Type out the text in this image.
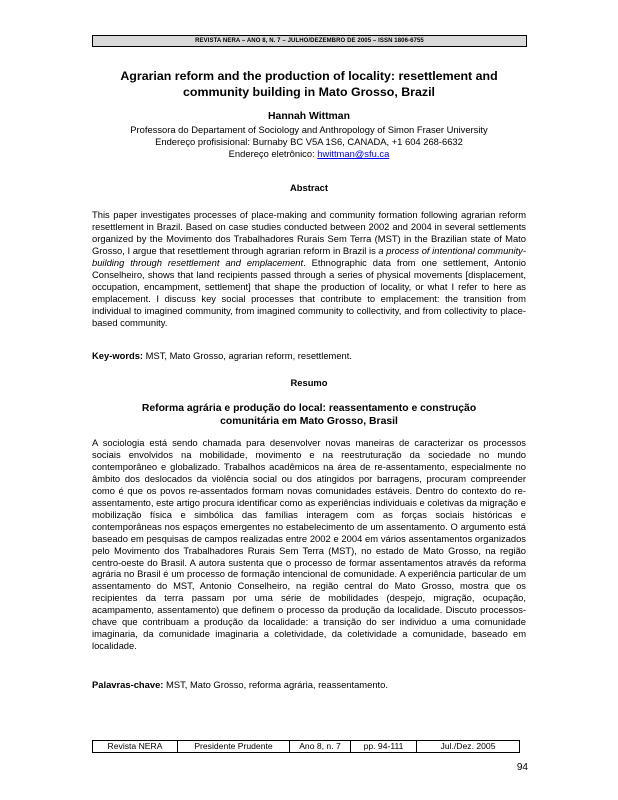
REVISTA NERA – ANO 8, N. 7 – JULHO/DEZEMBRO DE 2005 – ISSN 1806-6755
Agrarian reform and the production of locality: resettlement and
community building in Mato Grosso, Brazil
Hannah Wittman
Professora do Departament of Sociology and Anthropology of Simon Fraser University
Endereço profisisional: Burnaby BC V5A 1S6, CANADA, +1 604 268-6632
Endereço eletrônico: hwittman@sfu.ca
Abstract

This paper investigates processes of place-making and community formation following agrarian reform resettlement in Brazil. Based on case studies conducted between 2002 and 2004 in several settlements organized by the Movimento dos Trabalhadores Rurais Sem Terra (MST) in the Brazilian state of Mato Grosso, I argue that resettlement through agrarian reform in Brazil is a process of intentional community-building through resettlement and emplacement. Ethnographic data from one settlement, Antonio Conselheiro, shows that land recipients passed through a series of physical movements [displacement, occupation, encampment, settlement] that shape the production of locality, or what I refer to here as emplacement. I discuss key social processes that contribute to emplacement: the transition from individual to imagined community, from imagined community to collectivity, and from collectivity to place-based community.

Key-words: MST, Mato Grosso, agrarian reform, resettlement.
Resumo
Reforma agrária e produção do local: reassentamento e construção
comunitária em Mato Grosso, Brasil

A sociologia está sendo chamada para desenvolver novas maneiras de caracterizar os processos sociais envolvidos na mobilidade, movimento e na reestruturação da sociedade no mundo contemporâneo e globalizado. Trabalhos acadêmicos na área de re-assentamento, especialmente no âmbito dos deslocados da violência social ou dos atingidos por barragens, procuram compreender como é que os povos re-assentados formam novas comunidades estáveis. Dentro do contexto do re-assentamento, este artigo procura identificar como as experiências individuais e coletivas da migração e mobilização física e simbólica das famílias interagem com as forças sociais históricas e contemporâneas nos espaços emergentes no estabelecimento de um assentamento. O argumento está baseado em pesquisas de campos realizadas entre 2002 e 2004 em vários assentamentos organizados pelo Movimento dos Trabalhadores Rurais Sem Terra (MST), no estado de Mato Grosso, na região centro-oeste do Brasil. A autora sustenta que o processo de formar assentamentos através da reforma agrária no Brasil é um processo de formação intencional de comunidade. A experiência particular de um assentamento do MST, Antonio Conselheiro, na região central do Mato Grosso, mostra que os recipientes da terra passam por uma série de mobilidades (despejo, migração, ocupação, acampamento, assentamento) que definem o processo da produção da localidade. Discuto processos-chave que contribuam a produção da localidade: a transição do ser individuo a uma comunidade imaginaria, da comunidade imaginaria a coletividade, da coletividade a comunidade, baseado em localidade.

Palavras-chave: MST, Mato Grosso, reforma agrária, reassentamento.
Revista NERA	Presidente Prudente	Ano 8, n. 7	pp. 94-111	Jul./Dez. 2005
94
